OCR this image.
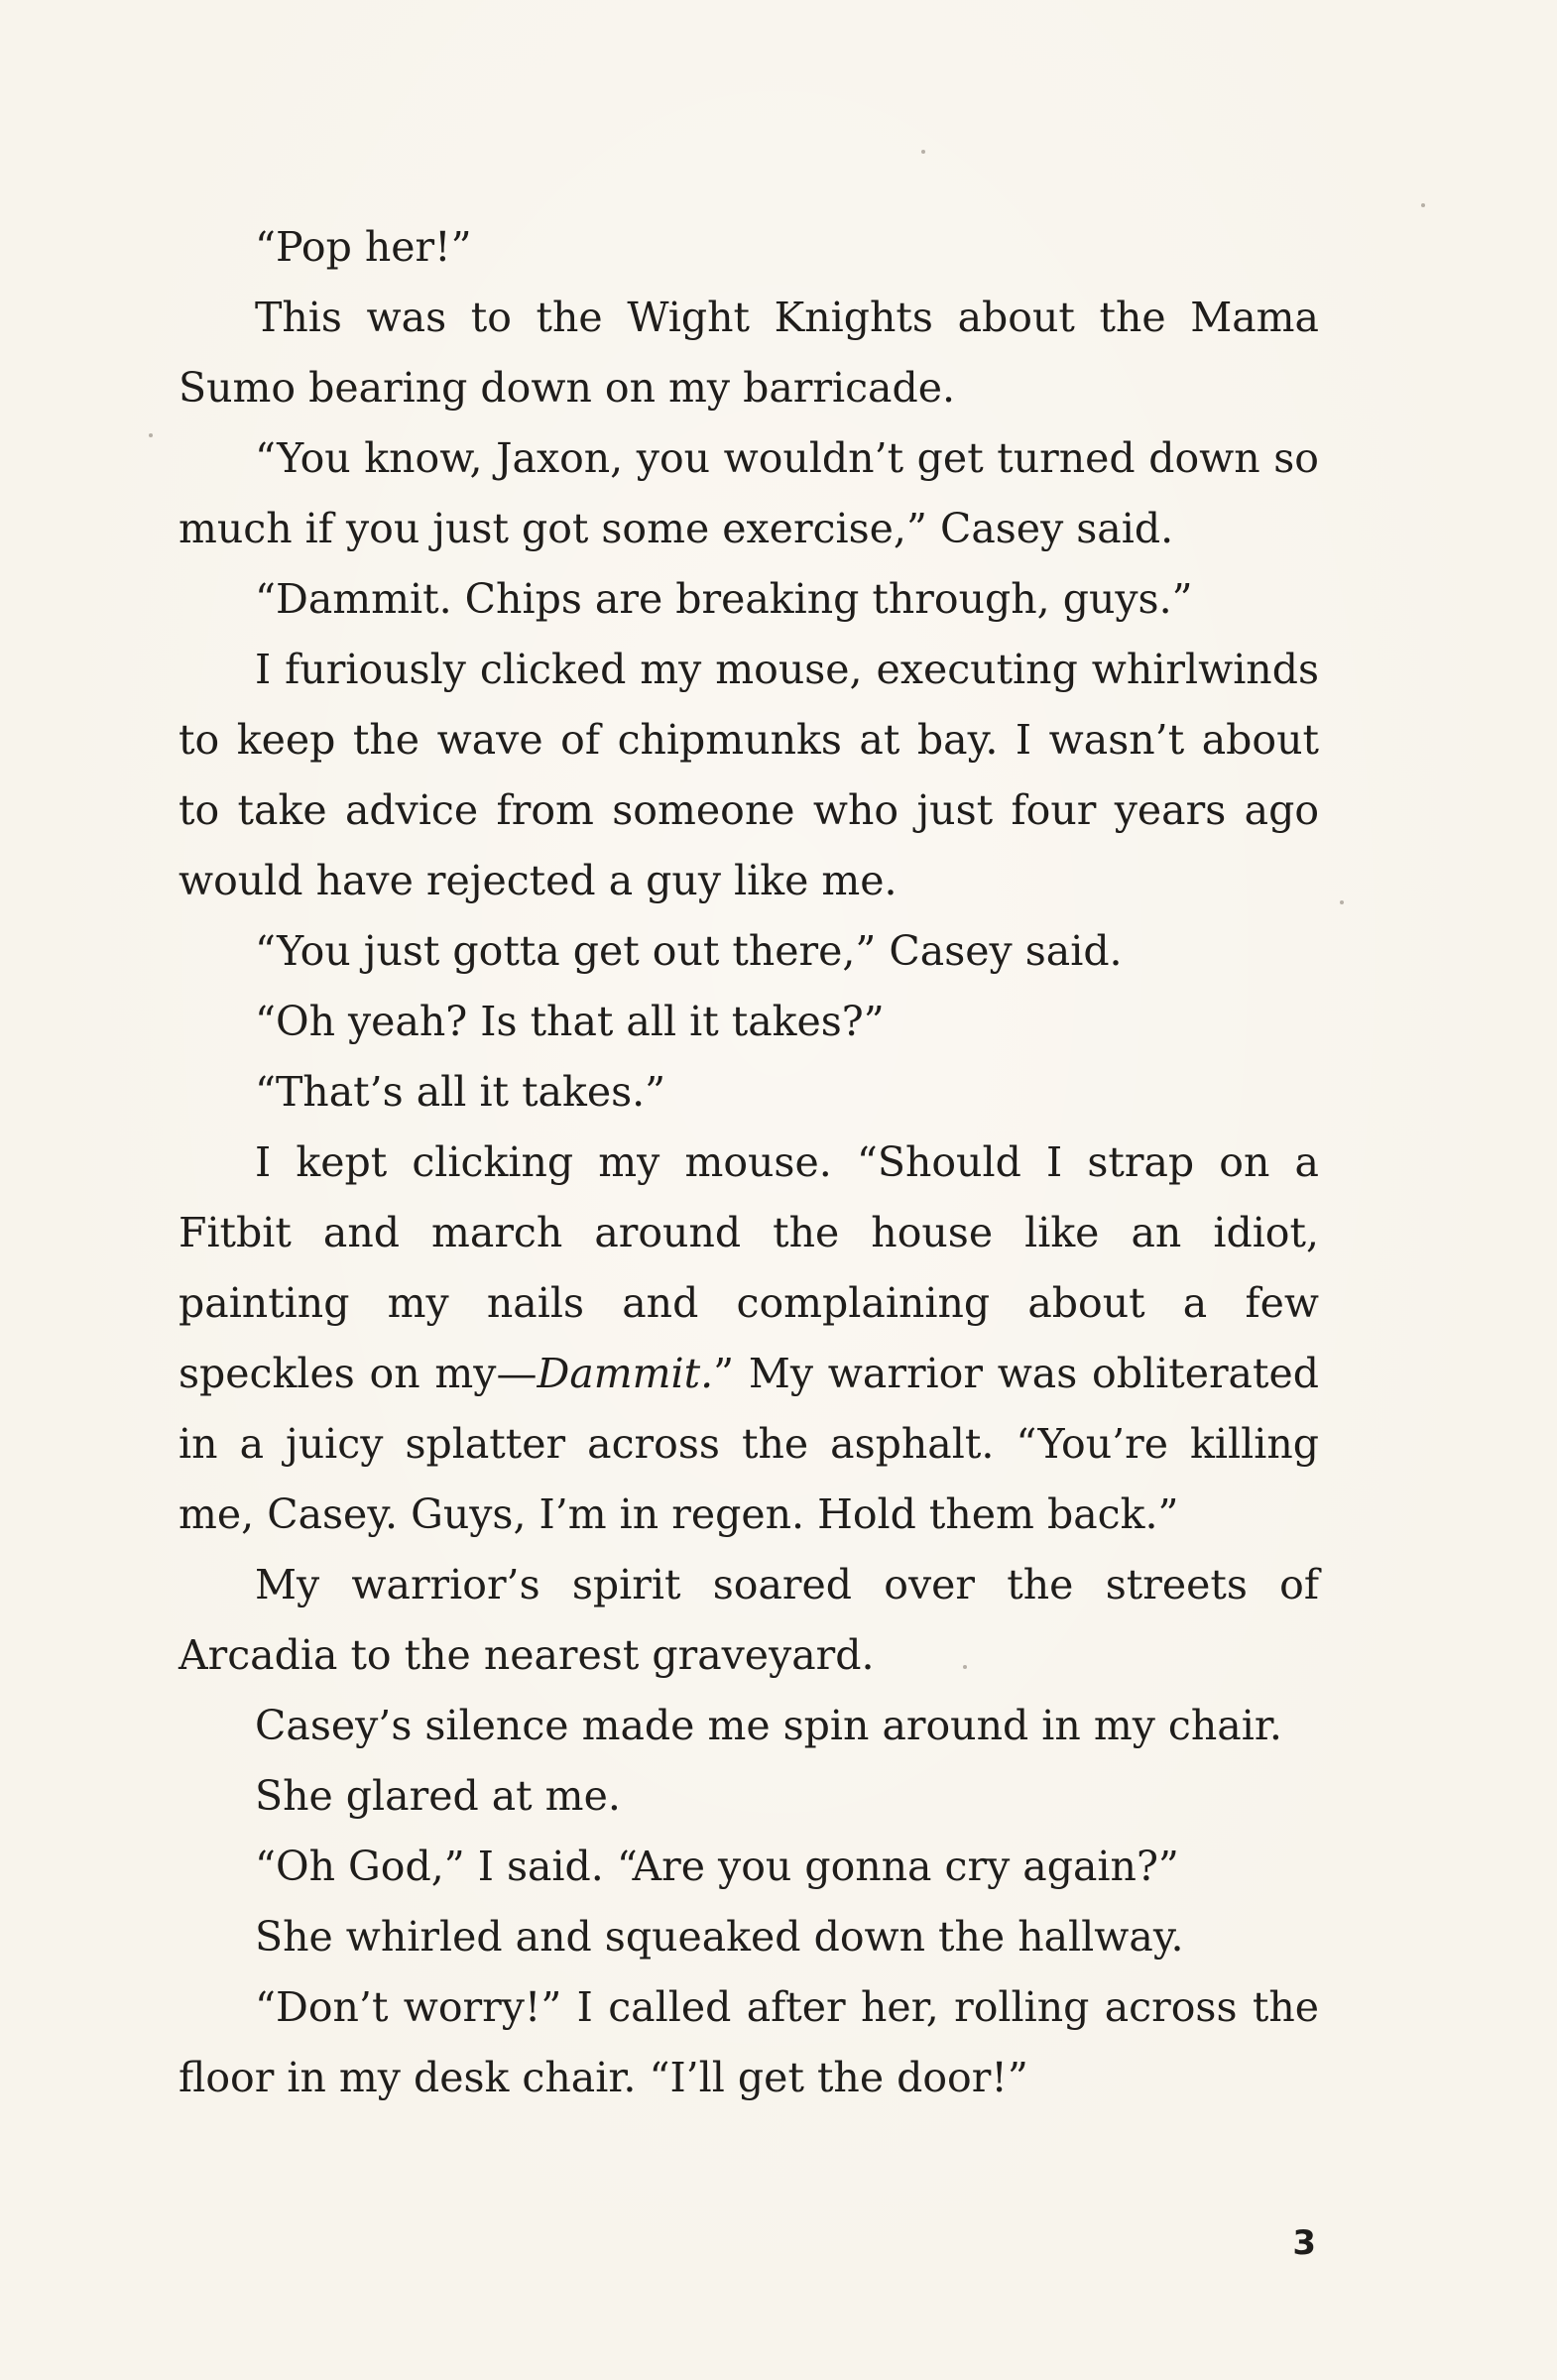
“Pop her!”

This was to the Wight Knights about the Mama Sumo bearing down on my barricade.

“You know, Jaxon, you wouldn’t get turned down so much if you just got some exercise,” Casey said.

“Dammit. Chips are breaking through, guys.”

I furiously clicked my mouse, executing whirlwinds to keep the wave of chipmunks at bay. I wasn’t about to take advice from someone who just four years ago would have rejected a guy like me.

“You just gotta get out there,” Casey said.

“Oh yeah? Is that all it takes?”

“That’s all it takes.”

I kept clicking my mouse. “Should I strap on a Fitbit and march around the house like an idiot, painting my nails and complaining about a few speckles on my—Dammit.” My warrior was obliterated in a juicy splatter across the asphalt. “You’re killing me, Casey. Guys, I’m in regen. Hold them back.”

My warrior’s spirit soared over the streets of Arcadia to the nearest graveyard.

Casey’s silence made me spin around in my chair.

She glared at me.

“Oh God,” I said. “Are you gonna cry again?”

She whirled and squeaked down the hallway.

“Don’t worry!” I called after her, rolling across the floor in my desk chair. “I’ll get the door!”

3
